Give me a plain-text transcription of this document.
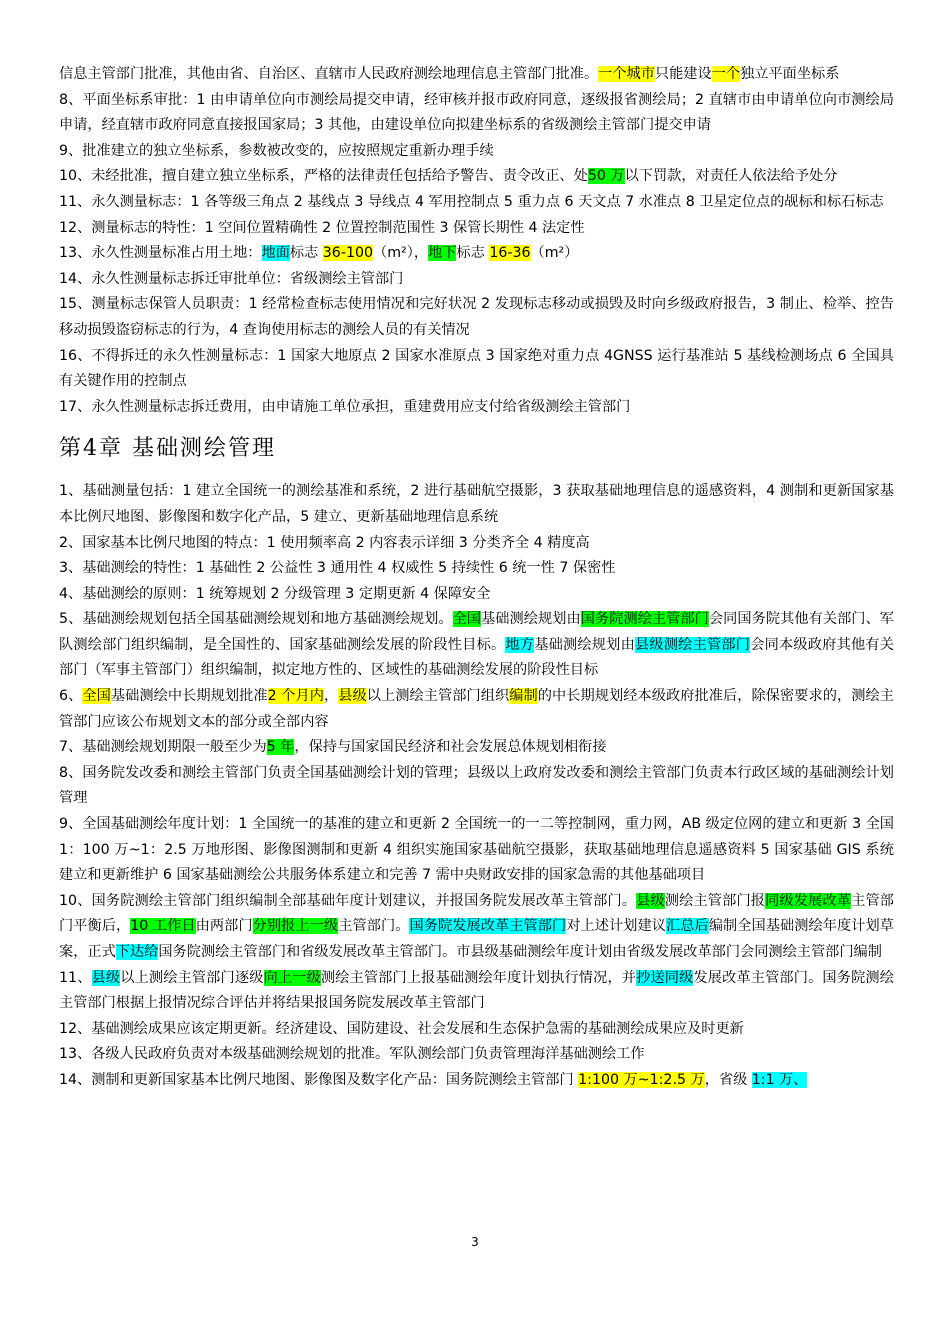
信息主管部门批准，其他由省、自治区、直辖市人民政府测绘地理信息主管部门批准。一个城市只能建设一个独立平面坐标系

8、平面坐标系审批：1 由申请单位向市测绘局提交申请，经审核并报市政府同意，逐级报省测绘局；2 直辖市由申请单位向市测绘局申请，经直辖市政府同意直接报国家局；3 其他，由建设单位向拟建坐标系的省级测绘主管部门提交申请

9、批准建立的独立坐标系，参数被改变的，应按照规定重新办理手续

10、未经批准，擅自建立独立坐标系，严格的法律责任包括给予警告、责令改正、处50 万以下罚款，对责任人依法给予处分

11、永久测量标志：1 各等级三角点 2 基线点 3 导线点 4 军用控制点 5 重力点 6 天文点 7 水准点 8 卫星定位点的觇标和标石标志

12、测量标志的特性：1 空间位置精确性 2 位置控制范围性 3 保管长期性 4 法定性

13、永久性测量标准占用土地：地面标志 36-100（m²），地下标志 16-36（m²）

14、永久性测量标志拆迁审批单位：省级测绘主管部门

15、测量标志保管人员职责：1 经常检查标志使用情况和完好状况 2 发现标志移动或损毁及时向乡级政府报告，3 制止、检举、控告移动损毁盗窃标志的行为，4 查询使用标志的测绘人员的有关情况

16、不得拆迁的永久性测量标志：1 国家大地原点 2 国家水准原点 3 国家绝对重力点 4GNSS 运行基准站 5 基线检测场点 6 全国具有关键作用的控制点

17、永久性测量标志拆迁费用，由申请施工单位承担，重建费用应支付给省级测绘主管部门

第4章 基础测绘管理

1、基础测量包括：1 建立全国统一的测绘基准和系统，2 进行基础航空摄影，3 获取基础地理信息的遥感资料，4 测制和更新国家基本比例尺地图、影像图和数字化产品，5 建立、更新基础地理信息系统

2、国家基本比例尺地图的特点：1 使用频率高 2 内容表示详细 3 分类齐全 4 精度高

3、基础测绘的特性：1 基础性 2 公益性 3 通用性 4 权威性 5 持续性 6 统一性 7 保密性

4、基础测绘的原则：1 统筹规划 2 分级管理 3 定期更新 4 保障安全

5、基础测绘规划包括全国基础测绘规划和地方基础测绘规划。全国基础测绘规划由国务院测绘主管部门会同国务院其他有关部门、军队测绘部门组织编制，是全国性的、国家基础测绘发展的阶段性目标。地方基础测绘规划由县级测绘主管部门会同本级政府其他有关部门（军事主管部门）组织编制，拟定地方性的、区域性的基础测绘发展的阶段性目标

6、全国基础测绘中长期规划批准2 个月内，县级以上测绘主管部门组织编制的中长期规划经本级政府批准后，除保密要求的，测绘主管部门应该公布规划文本的部分或全部内容

7、基础测绘规划期限一般至少为5 年，保持与国家国民经济和社会发展总体规划相衔接

8、国务院发改委和测绘主管部门负责全国基础测绘计划的管理；县级以上政府发改委和测绘主管部门负责本行政区域的基础测绘计划管理

9、全国基础测绘年度计划：1 全国统一的基准的建立和更新 2 全国统一的一二等控制网，重力网，AB 级定位网的建立和更新 3 全国 1：100 万~1：2.5 万地形图、影像图测制和更新 4 组织实施国家基础航空摄影，获取基础地理信息遥感资料 5 国家基础 GIS 系统建立和更新维护 6 国家基础测绘公共服务体系建立和完善 7 需中央财政安排的国家急需的其他基础项目

10、国务院测绘主管部门组织编制全部基础年度计划建议，并报国务院发展改革主管部门。县级测绘主管部门报同级发展改革主管部门平衡后，10 工作日由两部门分别报上一级主管部门。国务院发展改革主管部门对上述计划建议汇总后编制全国基础测绘年度计划草案，正式下达给国务院测绘主管部门和省级发展改革主管部门。市县级基础测绘年度计划由省级发展改革部门会同测绘主管部门编制

11、县级以上测绘主管部门逐级向上一级测绘主管部门上报基础测绘年度计划执行情况，并抄送同级发展改革主管部门。国务院测绘主管部门根据上报情况综合评估并将结果报国务院发展改革主管部门

12、基础测绘成果应该定期更新。经济建设、国防建设、社会发展和生态保护急需的基础测绘成果应及时更新

13、各级人民政府负责对本级基础测绘规划的批准。军队测绘部门负责管理海洋基础测绘工作

14、测制和更新国家基本比例尺地图、影像图及数字化产品：国务院测绘主管部门 1:100 万~1:2.5 万，省级 1:1 万、

3
